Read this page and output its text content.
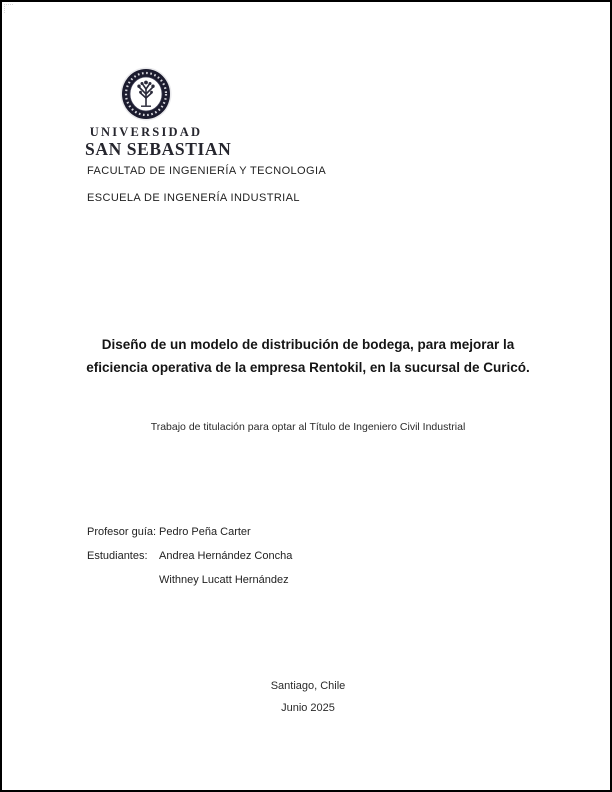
UNIVERSIDAD
SAN SEBASTIAN
FACULTAD DE INGENIERÍA Y TECNOLOGIA
ESCUELA DE INGENERÍA INDUSTRIAL
Diseño de un modelo de distribución de bodega, para mejorar la eficiencia operativa de la empresa Rentokil, en la sucursal de Curicó.
Trabajo de titulación para optar al Título de Ingeniero Civil Industrial
Profesor guía: Pedro Peña Carter
Estudiantes:	Andrea Hernández Concha
Withney Lucatt Hernández
Santiago, Chile
Junio 2025
